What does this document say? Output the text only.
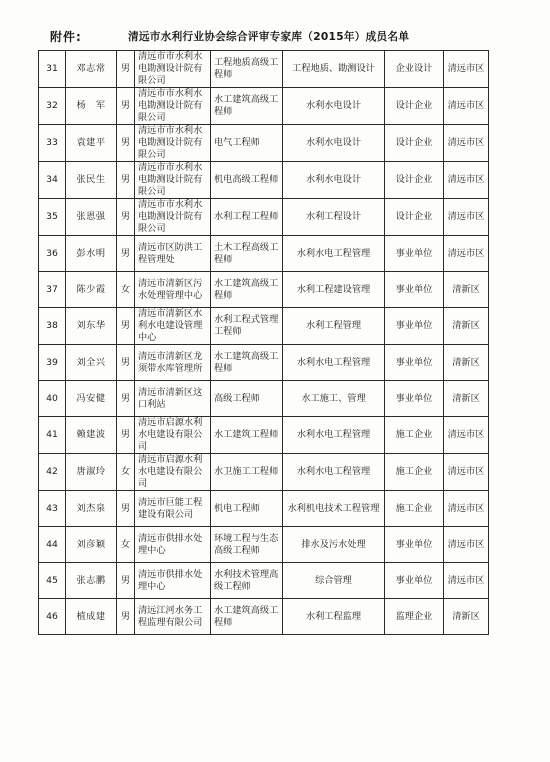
附件:	清远市水利行业协会综合评审专家库（2015年）成员名单
31	邓志常	男	清远市市水利水电勘测设计院有限公司	工程地质高级工程师	工程地质、勘测设计	企业设计	清远市区
32	杨　军	男	清远市市水利水电勘测设计院有限公司	水工建筑高级工程师	水利水电设计	设计企业	清远市区
33	袁建平	男	清远市市水利水电勘测设计院有限公司	电气工程师	水利水电设计	设计企业	清远市区
34	张民生	男	清远市市水利水电勘测设计院有限公司	机电高级工程师	水利水电设计	设计企业	清远市区
35	张恩强	男	清远市市水利水电勘测设计院有限公司	水利工程工程师	水利工程设计	设计企业	清远市区
36	彭水明	男	清远市区防洪工程管理处	土木工程高级工程师	水利水电工程管理	事业单位	清远市区
37	陈少霞	女	清远市清新区污水处理管理中心	水工建筑高级工程师	水利工程建设管理	事业单位	清新区
38	刘东华	男	清远市清新区水利水电建设管理中心	水利工程式管理工程师	水利工程管理	事业单位	清新区
39	刘全兴	男	清远市清新区龙须带水库管理所	水工建筑高级工程师	水利水电工程管理	事业单位	清新区
40	冯安健	男	清远市清新区这口利站	高级工程师	水工施工、管理	事业单位	清新区
41	赖建波	男	清远市启源水利水电建设有限公司	水工建筑工程师	水利水电工程管理	施工企业	清远市区
42	唐淑玲	女	清远市启源水利水电建设有限公司	水卫施工工程师	水利水电工程管理	施工企业	清远市区
43	刘杰泉	男	清远市巨能工程建设有限公司	机电工程师	水利机电技术工程管理	施工企业	清远市区
44	刘彦颖	女	清远市供排水处理中心	环境工程与生态高级工程师	排水及污水处理	事业单位	清远市区
45	张志鹏	男	清远市供排水处理中心	水利技术管理高级工程师	综合管理	事业单位	清远市区
46	植成建	男	清远江河水务工程监理有限公司	水工建筑高级工程师	水利工程监理	监理企业	清新区
